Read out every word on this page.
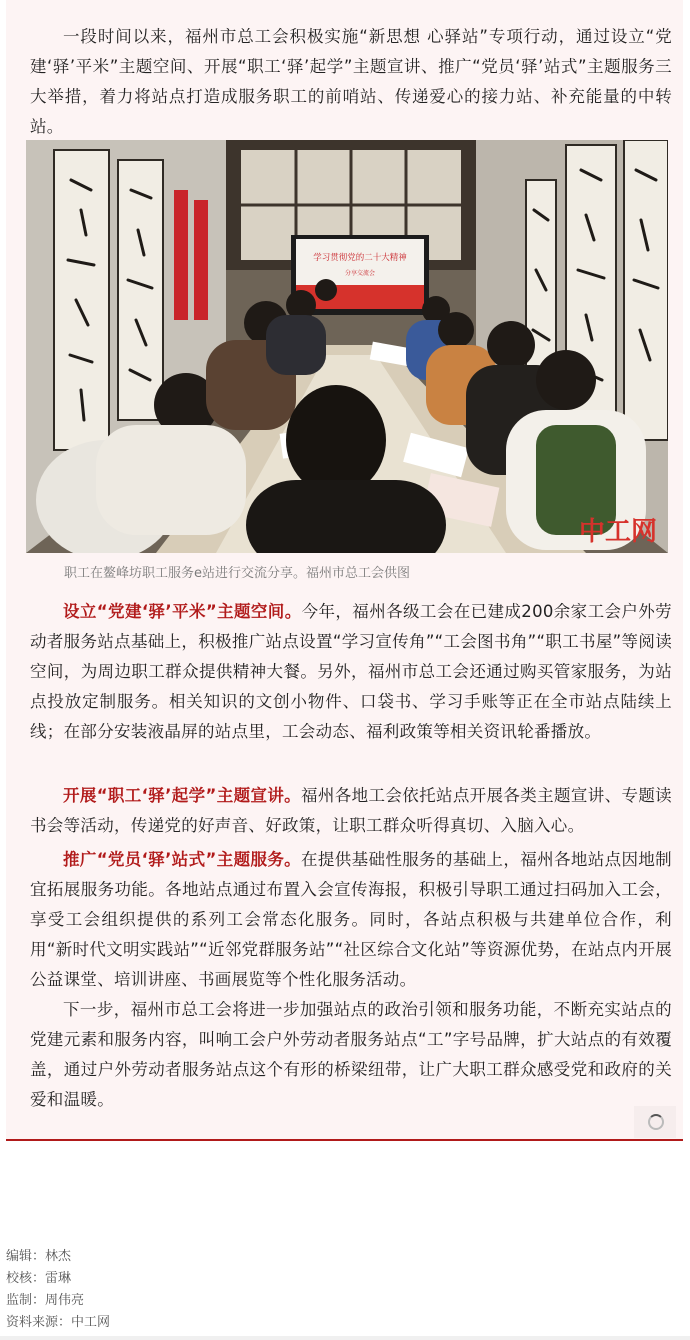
一段时间以来，福州市总工会积极实施“新思想 心驿站”专项行动，通过设立“党建‘驿’平米”主题空间、开展“职工‘驿’起学”主题宣讲、推广“党员‘驿’站式”主题服务三大举措，着力将站点打造成服务职工的前哨站、传递爱心的接力站、补充能量的中转站。

学习贯彻党的二十大精神
分享交流会
中工网

职工在鳌峰坊职工服务e站进行交流分享。福州市总工会供图

设立“党建‘驿’平米”主题空间。今年，福州各级工会在已建成200余家工会户外劳动者服务站点基础上，积极推广站点设置“学习宣传角”“工会图书角”“职工书屋”等阅读空间，为周边职工群众提供精神大餐。另外，福州市总工会还通过购买管家服务，为站点投放定制服务。相关知识的文创小物件、口袋书、学习手账等正在全市站点陆续上线；在部分安装液晶屏的站点里，工会动态、福利政策等相关资讯轮番播放。

开展“职工‘驿’起学”主题宣讲。福州各地工会依托站点开展各类主题宣讲、专题读书会等活动，传递党的好声音、好政策，让职工群众听得真切、入脑入心。

推广“党员‘驿’站式”主题服务。在提供基础性服务的基础上，福州各地站点因地制宜拓展服务功能。各地站点通过布置入会宣传海报，积极引导职工通过扫码加入工会，享受工会组织提供的系列工会常态化服务。同时，各站点积极与共建单位合作，利用“新时代文明实践站”“近邻党群服务站”“社区综合文化站”等资源优势，在站点内开展公益课堂、培训讲座、书画展览等个性化服务活动。

下一步，福州市总工会将进一步加强站点的政治引领和服务功能，不断充实站点的党建元素和服务内容，叫响工会户外劳动者服务站点“工”字号品牌，扩大站点的有效覆盖，通过户外劳动者服务站点这个有形的桥梁纽带，让广大职工群众感受党和政府的关爱和温暖。

编辑：林杰
校核：雷琳
监制：周伟亮
资料来源：中工网
